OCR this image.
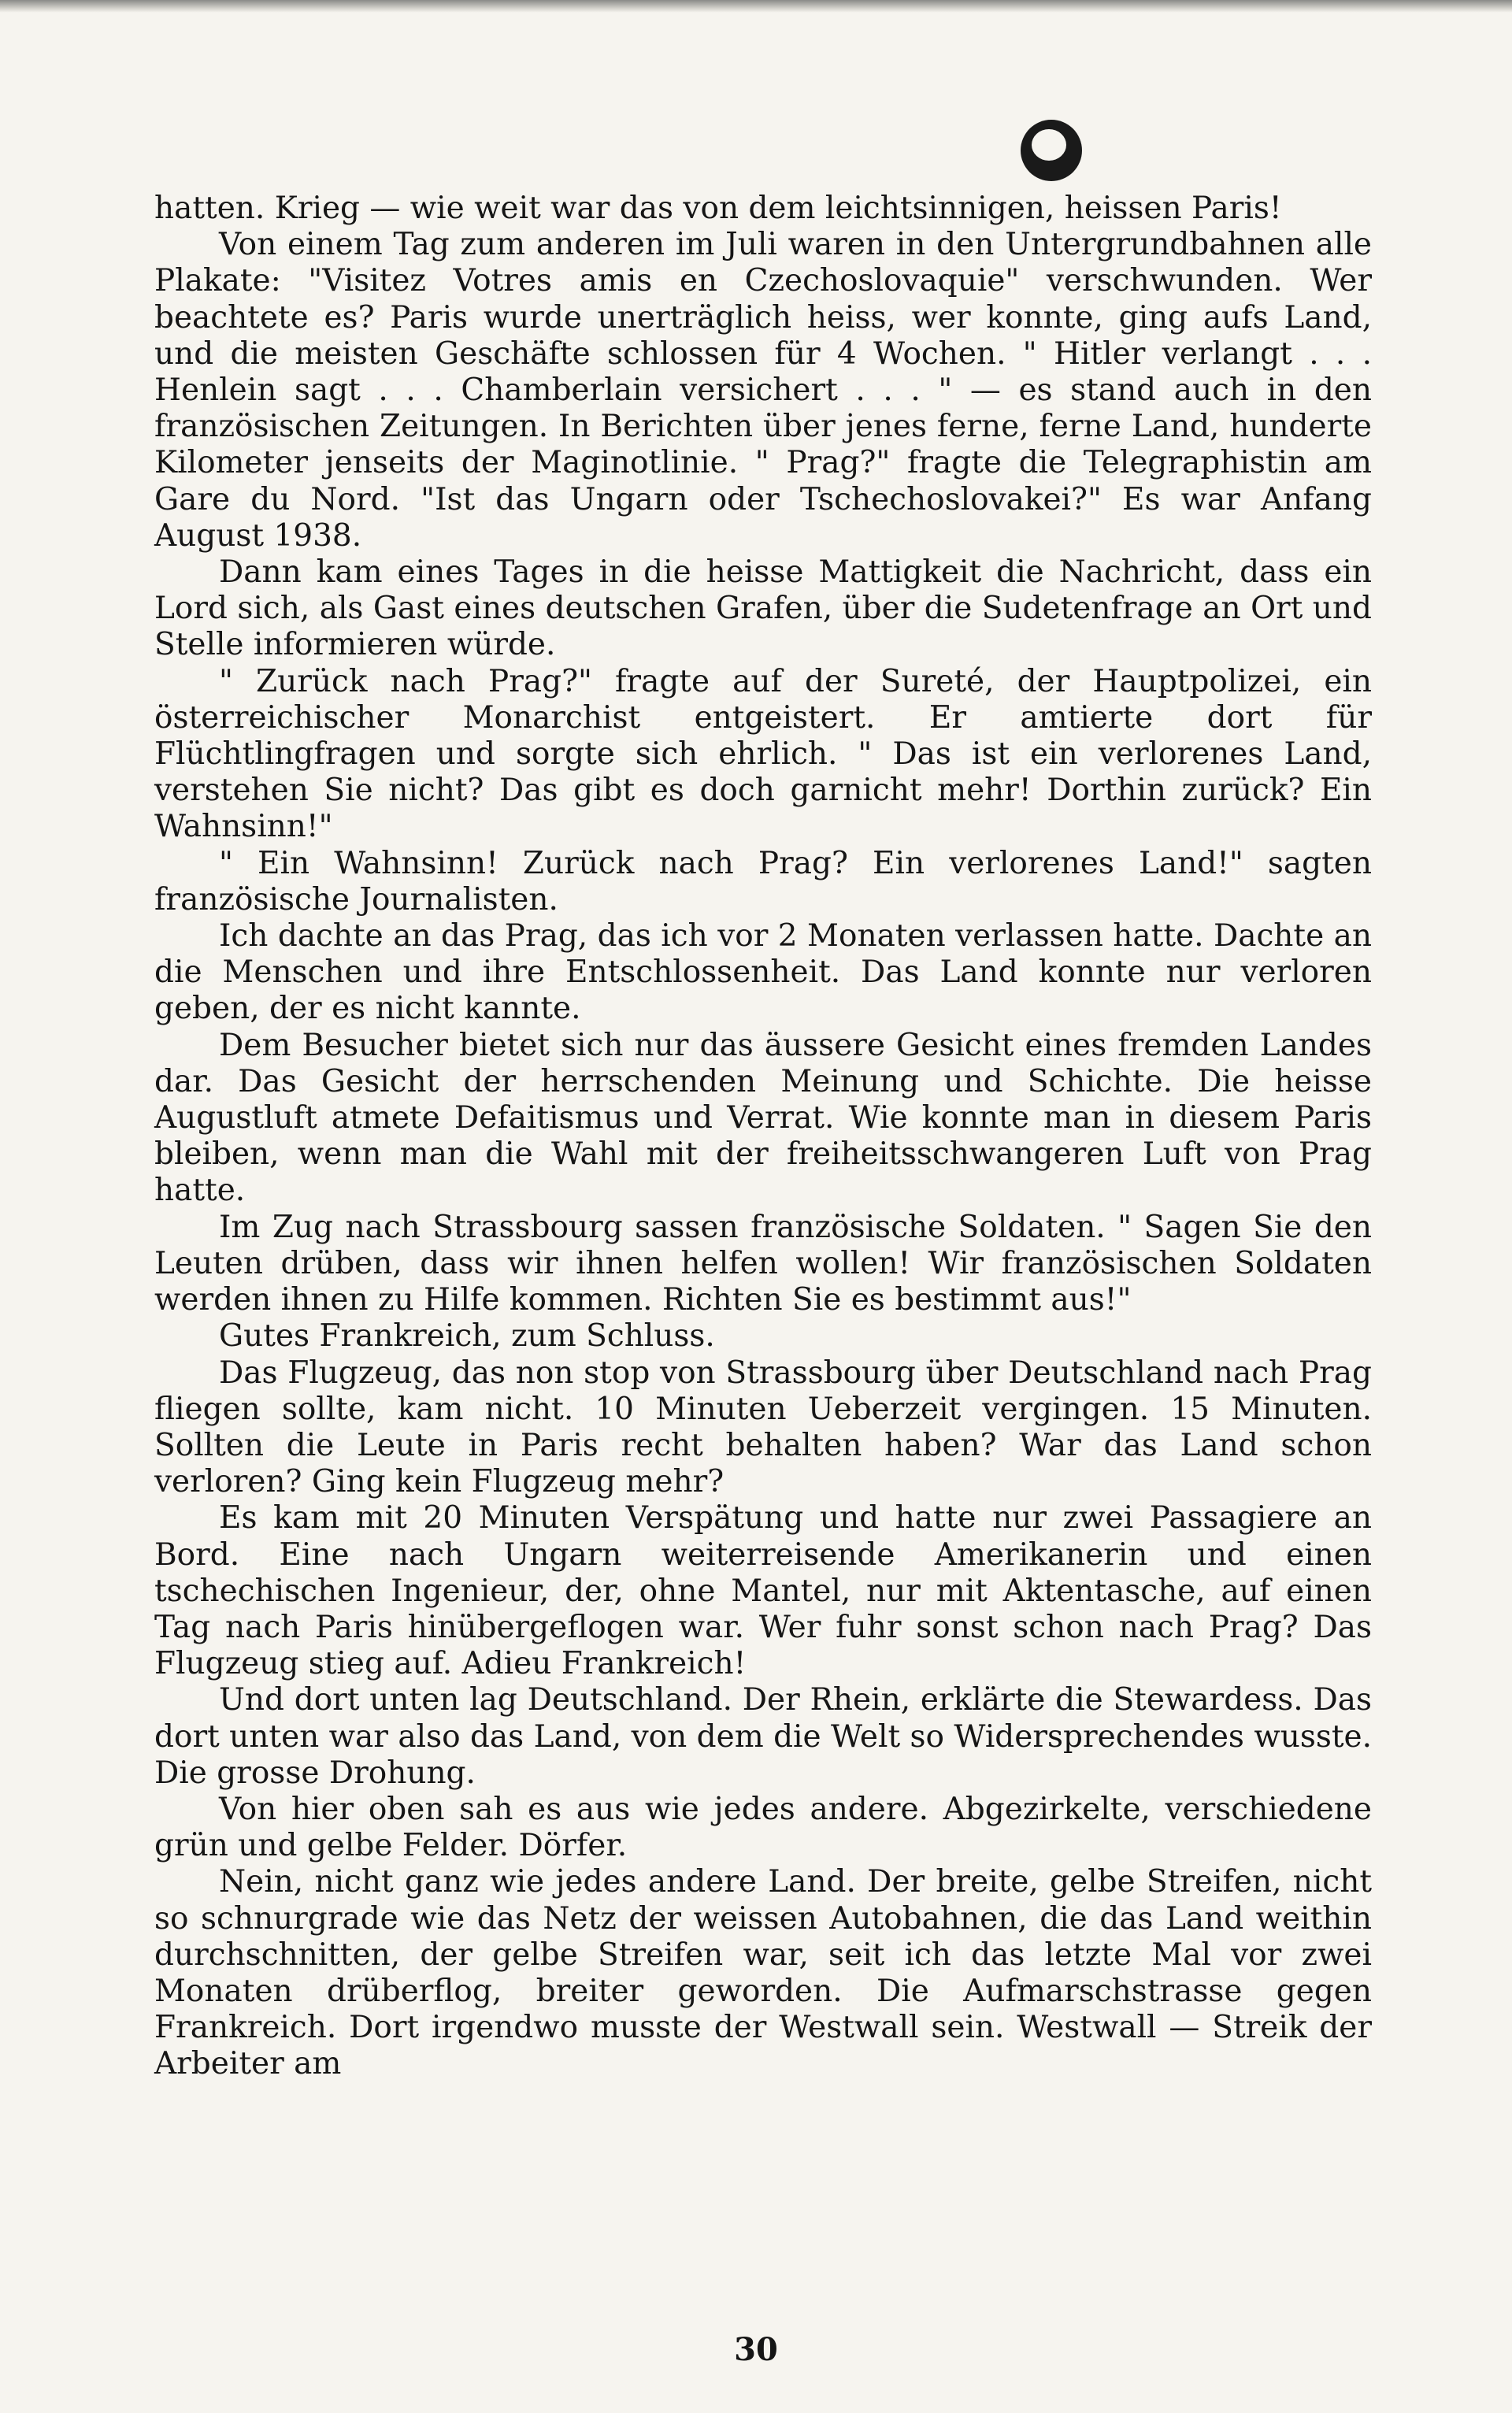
hatten. Krieg — wie weit war das von dem leichtsinnigen, heissen Paris!

Von einem Tag zum anderen im Juli waren in den Untergrundbahnen alle Plakate: "Visitez Votres amis en Czechoslovaquie" verschwunden. Wer beachtete es? Paris wurde unerträglich heiss, wer konnte, ging aufs Land, und die meisten Geschäfte schlossen für 4 Wochen. " Hitler verlangt . . . Henlein sagt . . . Chamberlain versichert . . . " — es stand auch in den französischen Zeitungen. In Berichten über jenes ferne, ferne Land, hunderte Kilometer jenseits der Maginotlinie. " Prag?" fragte die Telegraphistin am Gare du Nord. "Ist das Ungarn oder Tschechoslovakei?" Es war Anfang August 1938.

Dann kam eines Tages in die heisse Mattigkeit die Nachricht, dass ein Lord sich, als Gast eines deutschen Grafen, über die Sudetenfrage an Ort und Stelle informieren würde.

" Zurück nach Prag?" fragte auf der Sureté, der Hauptpolizei, ein österreichischer Monarchist entgeistert. Er amtierte dort für Flüchtlingfragen und sorgte sich ehrlich. " Das ist ein verlorenes Land, verstehen Sie nicht? Das gibt es doch garnicht mehr! Dorthin zurück? Ein Wahnsinn!"

" Ein Wahnsinn! Zurück nach Prag? Ein verlorenes Land!" sagten französische Journalisten.

Ich dachte an das Prag, das ich vor 2 Monaten verlassen hatte. Dachte an die Menschen und ihre Entschlossenheit. Das Land konnte nur verloren geben, der es nicht kannte.

Dem Besucher bietet sich nur das äussere Gesicht eines fremden Landes dar. Das Gesicht der herrschenden Meinung und Schichte. Die heisse Augustluft atmete Defaitismus und Verrat. Wie konnte man in diesem Paris bleiben, wenn man die Wahl mit der freiheitsschwangeren Luft von Prag hatte.

Im Zug nach Strassbourg sassen französische Soldaten. " Sagen Sie den Leuten drüben, dass wir ihnen helfen wollen! Wir französischen Soldaten werden ihnen zu Hilfe kommen. Richten Sie es bestimmt aus!"

Gutes Frankreich, zum Schluss.

Das Flugzeug, das non stop von Strassbourg über Deutschland nach Prag fliegen sollte, kam nicht. 10 Minuten Ueberzeit vergingen. 15 Minuten. Sollten die Leute in Paris recht behalten haben? War das Land schon verloren? Ging kein Flugzeug mehr?

Es kam mit 20 Minuten Verspätung und hatte nur zwei Passagiere an Bord. Eine nach Ungarn weiterreisende Amerikanerin und einen tschechischen Ingenieur, der, ohne Mantel, nur mit Aktentasche, auf einen Tag nach Paris hinübergeflogen war. Wer fuhr sonst schon nach Prag? Das Flugzeug stieg auf. Adieu Frankreich!

Und dort unten lag Deutschland. Der Rhein, erklärte die Stewardess. Das dort unten war also das Land, von dem die Welt so Widersprechendes wusste. Die grosse Drohung.

Von hier oben sah es aus wie jedes andere. Abgezirkelte, verschiedene grün und gelbe Felder. Dörfer.

Nein, nicht ganz wie jedes andere Land. Der breite, gelbe Streifen, nicht so schnurgrade wie das Netz der weissen Autobahnen, die das Land weithin durchschnitten, der gelbe Streifen war, seit ich das letzte Mal vor zwei Monaten drüberflog, breiter geworden. Die Aufmarschstrasse gegen Frankreich. Dort irgendwo musste der Westwall sein. Westwall — Streik der Arbeiter am

30
